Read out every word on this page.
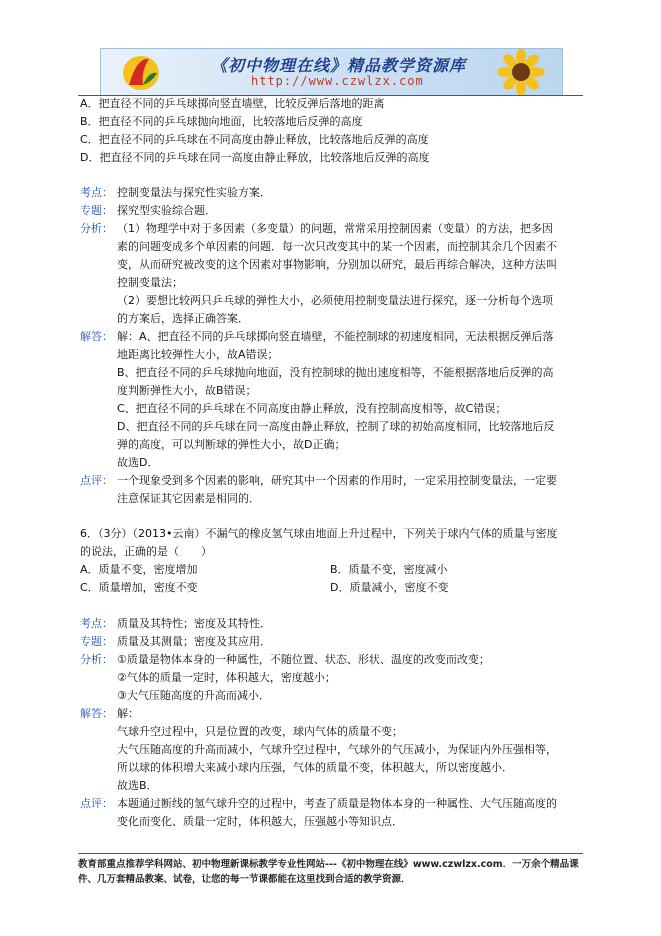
《初中物理在线》精品教学资源库
http://www.czwlzx.com
A．把直径不同的乒乓球掷向竖直墙壁，比较反弹后落地的距离
B．把直径不同的乒乓球抛向地面，比较落地后反弹的高度
C．把直径不同的乒乓球在不同高度由静止释放，比较落地后反弹的高度
D．把直径不同的乒乓球在同一高度由静止释放，比较落地后反弹的高度
考点： 控制变量法与探究性实验方案．
专题： 探究型实验综合题．
分析： （1）物理学中对于多因素（多变量）的问题，常常采用控制因素（变量）的方法，把多因
素的问题变成多个单因素的问题．每一次只改变其中的某一个因素，而控制其余几个因素不
变，从而研究被改变的这个因素对事物影响，分别加以研究，最后再综合解决，这种方法叫
控制变量法；
（2）要想比较两只乒乓球的弹性大小，必须使用控制变量法进行探究，逐一分析每个选项
的方案后，选择正确答案．
解答： 解：A、把直径不同的乒乓球掷向竖直墙壁，不能控制球的初速度相同，无法根据反弹后落
地距离比较弹性大小，故A错误；
B、把直径不同的乒乓球抛向地面，没有控制球的抛出速度相等，不能根据落地后反弹的高
度判断弹性大小，故B错误；
C、把直径不同的乒乓球在不同高度由静止释放，没有控制高度相等，故C错误；
D、把直径不同的乒乓球在同一高度由静止释放，控制了球的初始高度相同，比较落地后反
弹的高度，可以判断球的弹性大小，故D正确；
故选D．
点评： 一个现象受到多个因素的影响，研究其中一个因素的作用时，一定采用控制变量法，一定要
注意保证其它因素是相同的．
6．（3分）（2013•云南）不漏气的橡皮氢气球由地面上升过程中，下列关于球内气体的质量与密度
的说法，正确的是（　　）
A．质量不变，密度增加	B．质量不变，密度减小
C．质量增加，密度不变	D．质量减小，密度不变
考点： 质量及其特性；密度及其特性．
专题： 质量及其测量；密度及其应用．
分析： ①质量是物体本身的一种属性，不随位置、状态、形状、温度的改变而改变；
②气体的质量一定时，体积越大，密度越小；
③大气压随高度的升高而减小．
解答： 解：
气球升空过程中，只是位置的改变，球内气体的质量不变；
大气压随高度的升高而减小，气球升空过程中，气球外的气压减小，为保证内外压强相等，
所以球的体积增大来减小球内压强，气体的质量不变，体积越大，所以密度越小．
故选B．
点评： 本题通过断线的氢气球升空的过程中，考查了质量是物体本身的一种属性、大气压随高度的
变化而变化、质量一定时，体积越大，压强越小等知识点．
教育部重点推荐学科网站、初中物理新课标教学专业性网站---《初中物理在线》www.czwlzx.com．一万余个精品课
件、几万套精品教案、试卷，让您的每一节课都能在这里找到合适的教学资源．
